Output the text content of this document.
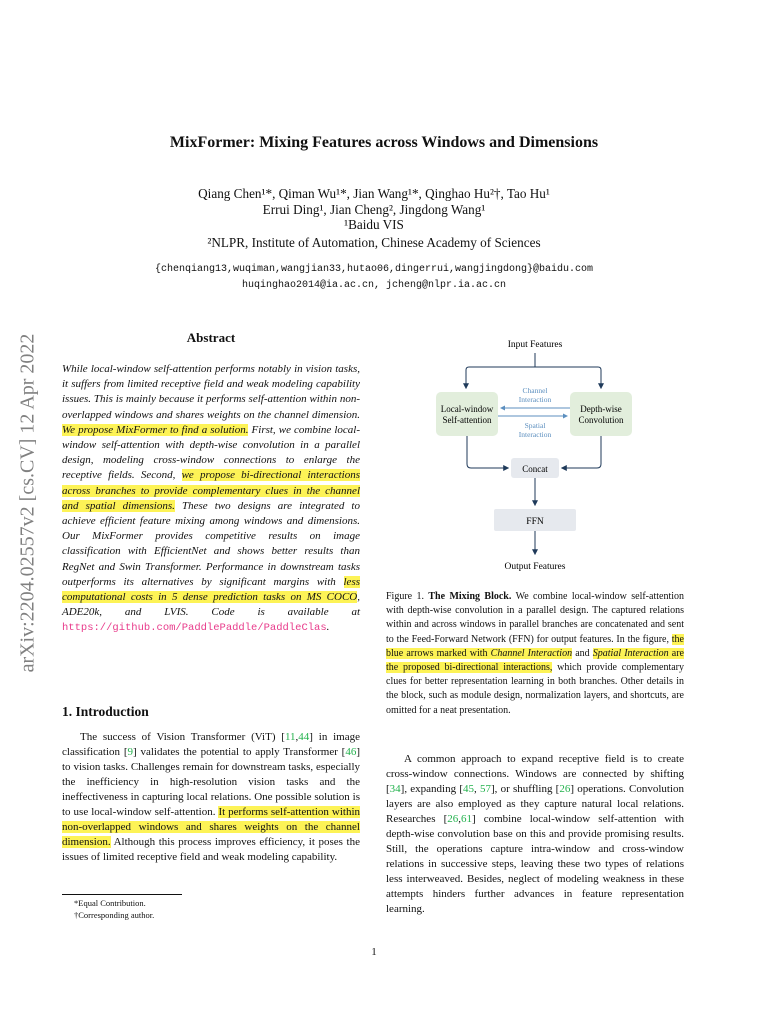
MixFormer: Mixing Features across Windows and Dimensions
Qiang Chen¹*, Qiman Wu¹*, Jian Wang¹*, Qinghao Hu²†, Tao Hu¹
Errui Ding¹, Jian Cheng², Jingdong Wang¹
¹Baidu VIS
²NLPR, Institute of Automation, Chinese Academy of Sciences
{chenqiang13,wuqiman,wangjian33,hutao06,dingerrui,wangjingdong}@baidu.com
huqinghao2014@ia.ac.cn, jcheng@nlpr.ia.ac.cn
arXiv:2204.02557v2 [cs.CV] 12 Apr 2022	Abstract

While local-window self-attention performs notably in vision tasks, it suffers from limited receptive field and weak modeling capability issues. This is mainly because it performs self-attention within non-overlapped windows and shares weights on the channel dimension. We propose MixFormer to find a solution. First, we combine local-window self-attention with depth-wise convolution in a parallel design, modeling cross-window connections to enlarge the receptive fields. Second, we propose bi-directional interactions across branches to provide complementary clues in the channel and spatial dimensions. These two designs are integrated to achieve efficient feature mixing among windows and dimensions. Our MixFormer provides competitive results on image classification with EfficientNet and shows better results than RegNet and Swin Transformer. Performance in downstream tasks outperforms its alternatives by significant margins with less computational costs in 5 dense prediction tasks on MS COCO, ADE20k, and LVIS. Code is available at https://github.com/PaddlePaddle/PaddleClas.

1. Introduction

The success of Vision Transformer (ViT) [11,44] in image classification [9] validates the potential to apply Transformer [46] to vision tasks. Challenges remain for downstream tasks, especially the inefficiency in high-resolution vision tasks and the ineffectiveness in capturing local relations. One possible solution is to use local-window self-attention. It performs self-attention within non-overlapped windows and shares weights on the channel dimension. Although this process improves efficiency, it poses the issues of limited receptive field and weak modeling capability.

*Equal Contribution.
†Corresponding author.
Input Features
Local-window
Self-attention
Depth-wise
Convolution
Channel
Interaction
Spatial
Interaction
Concat
FFN
Output Features

Figure 1. The Mixing Block. We combine local-window self-attention with depth-wise convolution in a parallel design. The captured relations within and across windows in parallel branches are concatenated and sent to the Feed-Forward Network (FFN) for output features. In the figure, the blue arrows marked with Channel Interaction and Spatial Interaction are the proposed bi-directional interactions, which provide complementary clues for better representation learning in both branches. Other details in the block, such as module design, normalization layers, and shortcuts, are omitted for a neat presentation.

A common approach to expand receptive field is to create cross-window connections. Windows are connected by shifting [34], expanding [45, 57], or shuffling [26] operations. Convolution layers are also employed as they capture natural local relations. Researches [26,61] combine local-window self-attention with depth-wise convolution base on this and provide promising results. Still, the operations capture intra-window and cross-window relations in successive steps, leaving these two types of relations less interweaved. Besides, neglect of modeling weakness in these attempts hinders further advances in feature representation learning.

1
